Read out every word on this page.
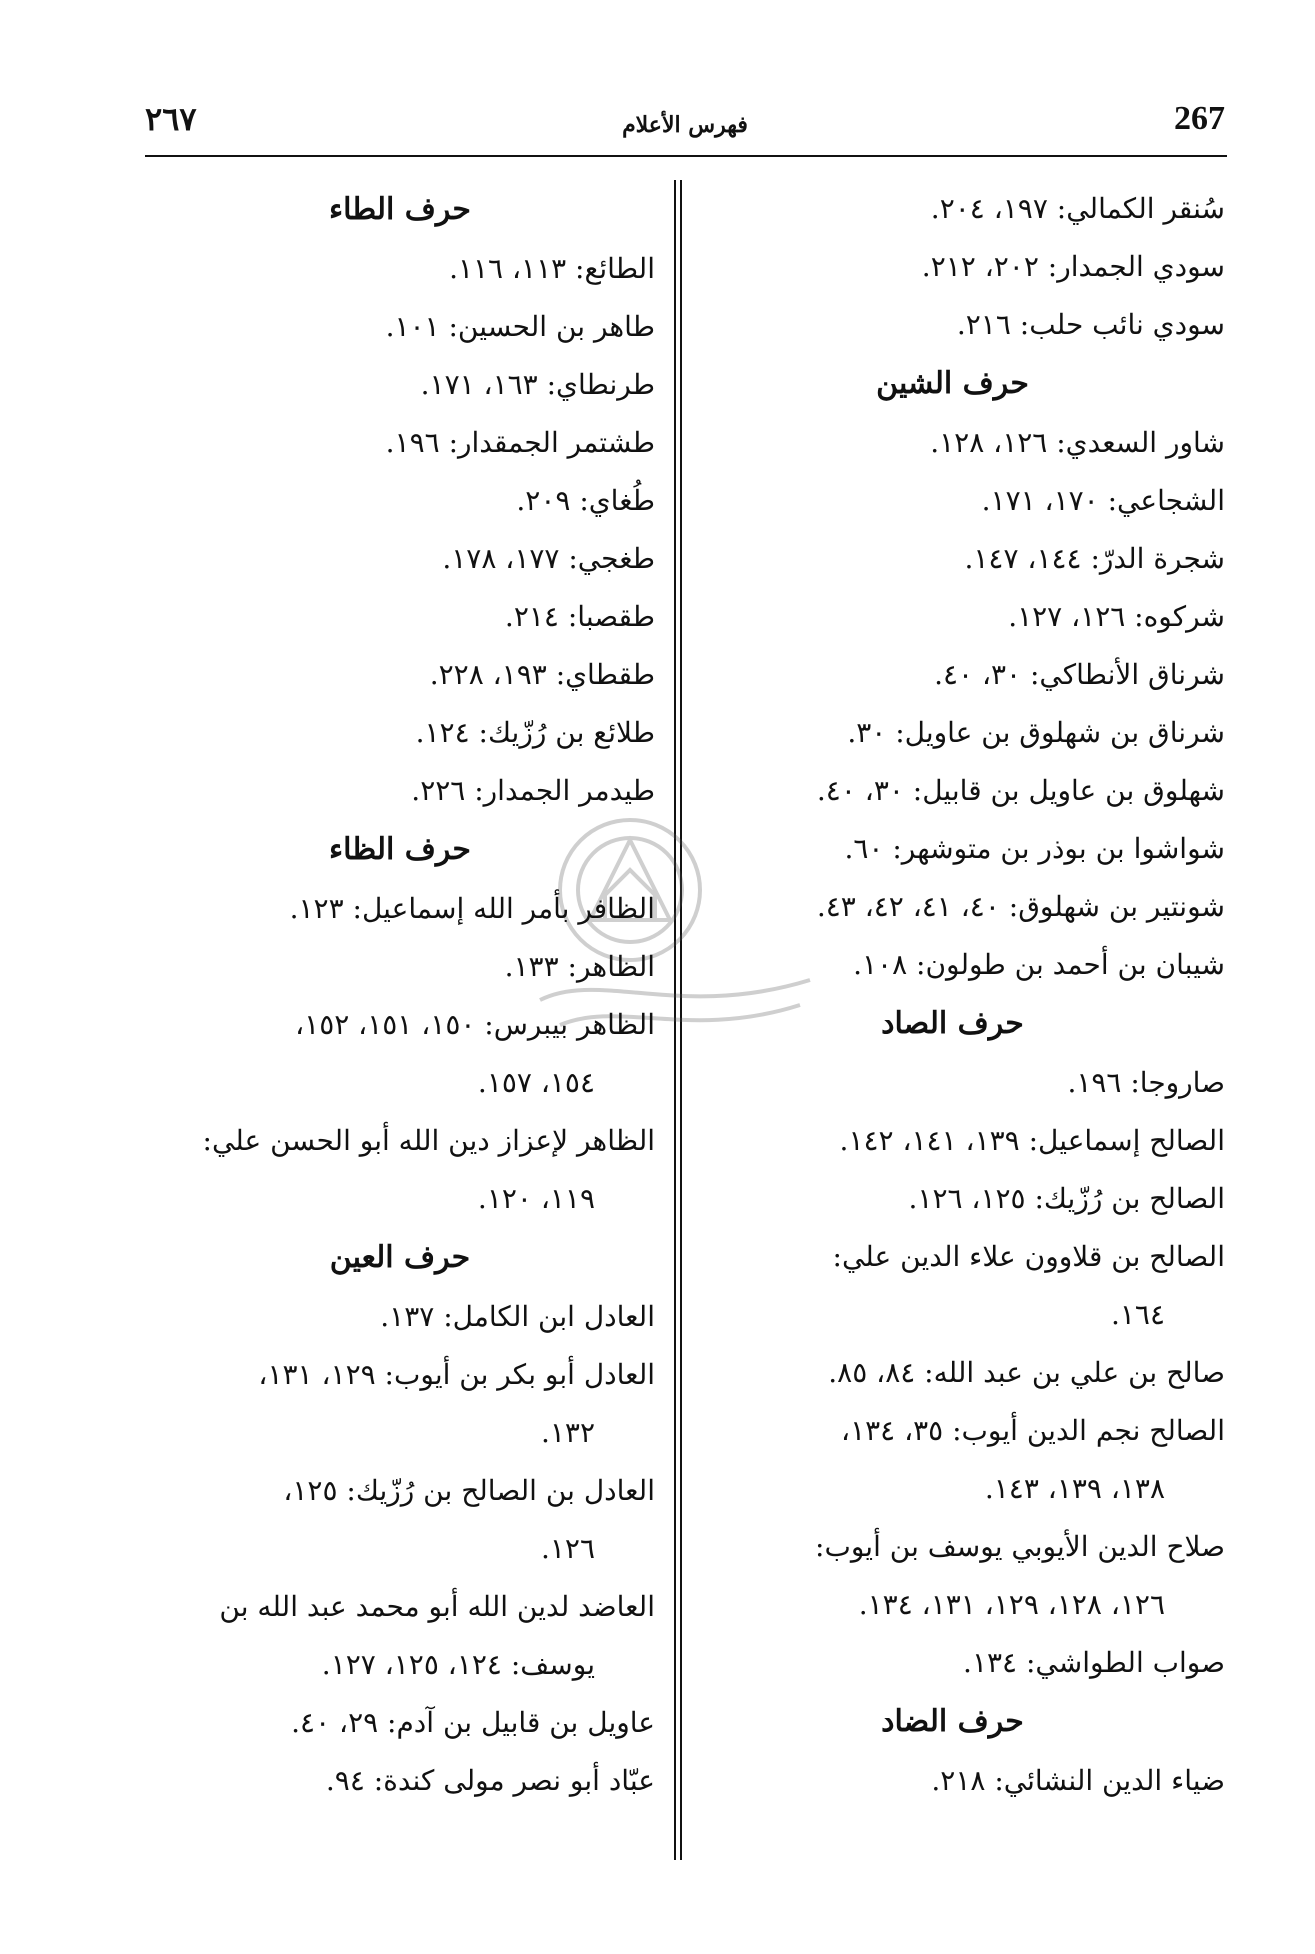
267
فهرس الأعلام
٢٦٧
سُنقر الكمالي: ١٩٧، ٢٠٤.
سودي الجمدار: ٢٠٢، ٢١٢.
سودي نائب حلب: ٢١٦.
حرف الشين
شاور السعدي: ١٢٦، ١٢٨.
الشجاعي: ١٧٠، ١٧١.
شجرة الدرّ: ١٤٤، ١٤٧.
شركوه: ١٢٦، ١٢٧.
شرناق الأنطاكي: ٣٠، ٤٠.
شرناق بن شهلوق بن عاويل: ٣٠.
شهلوق بن عاويل بن قابيل: ٣٠، ٤٠.
شواشوا بن بوذر بن متوشهر: ٦٠.
شونتير بن شهلوق: ٤٠، ٤١، ٤٢، ٤٣.
شيبان بن أحمد بن طولون: ١٠٨.
حرف الصاد
صاروجا: ١٩٦.
الصالح إسماعيل: ١٣٩، ١٤١، ١٤٢.
الصالح بن رُزّيك: ١٢٥، ١٢٦.
الصالح بن قلاوون علاء الدين علي:
١٦٤.
صالح بن علي بن عبد الله: ٨٤، ٨٥.
الصالح نجم الدين أيوب: ٣٥، ١٣٤،
١٣٨، ١٣٩، ١٤٣.
صلاح الدين الأيوبي يوسف بن أيوب:
١٢٦، ١٢٨، ١٢٩، ١٣١، ١٣٤.
صواب الطواشي: ١٣٤.
حرف الضاد
ضياء الدين النشائي: ٢١٨.
حرف الطاء
الطائع: ١١٣، ١١٦.
طاهر بن الحسين: ١٠١.
طرنطاي: ١٦٣، ١٧١.
طشتمر الجمقدار: ١٩٦.
طُغاي: ٢٠٩.
طغجي: ١٧٧، ١٧٨.
طقصبا: ٢١٤.
طقطاي: ١٩٣، ٢٢٨.
طلائع بن رُزّيك: ١٢٤.
طيدمر الجمدار: ٢٢٦.
حرف الظاء
الظافر بأمر الله إسماعيل: ١٢٣.
الظاهر: ١٣٣.
الظاهر بيبرس: ١٥٠، ١٥١، ١٥٢،
١٥٤، ١٥٧.
الظاهر لإعزاز دين الله أبو الحسن علي:
١١٩، ١٢٠.
حرف العين
العادل ابن الكامل: ١٣٧.
العادل أبو بكر بن أيوب: ١٢٩، ١٣١،
١٣٢.
العادل بن الصالح بن رُزّيك: ١٢٥،
١٢٦.
العاضد لدين الله أبو محمد عبد الله بن
يوسف: ١٢٤، ١٢٥، ١٢٧.
عاويل بن قابيل بن آدم: ٢٩، ٤٠.
عبّاد أبو نصر مولى كندة: ٩٤.
